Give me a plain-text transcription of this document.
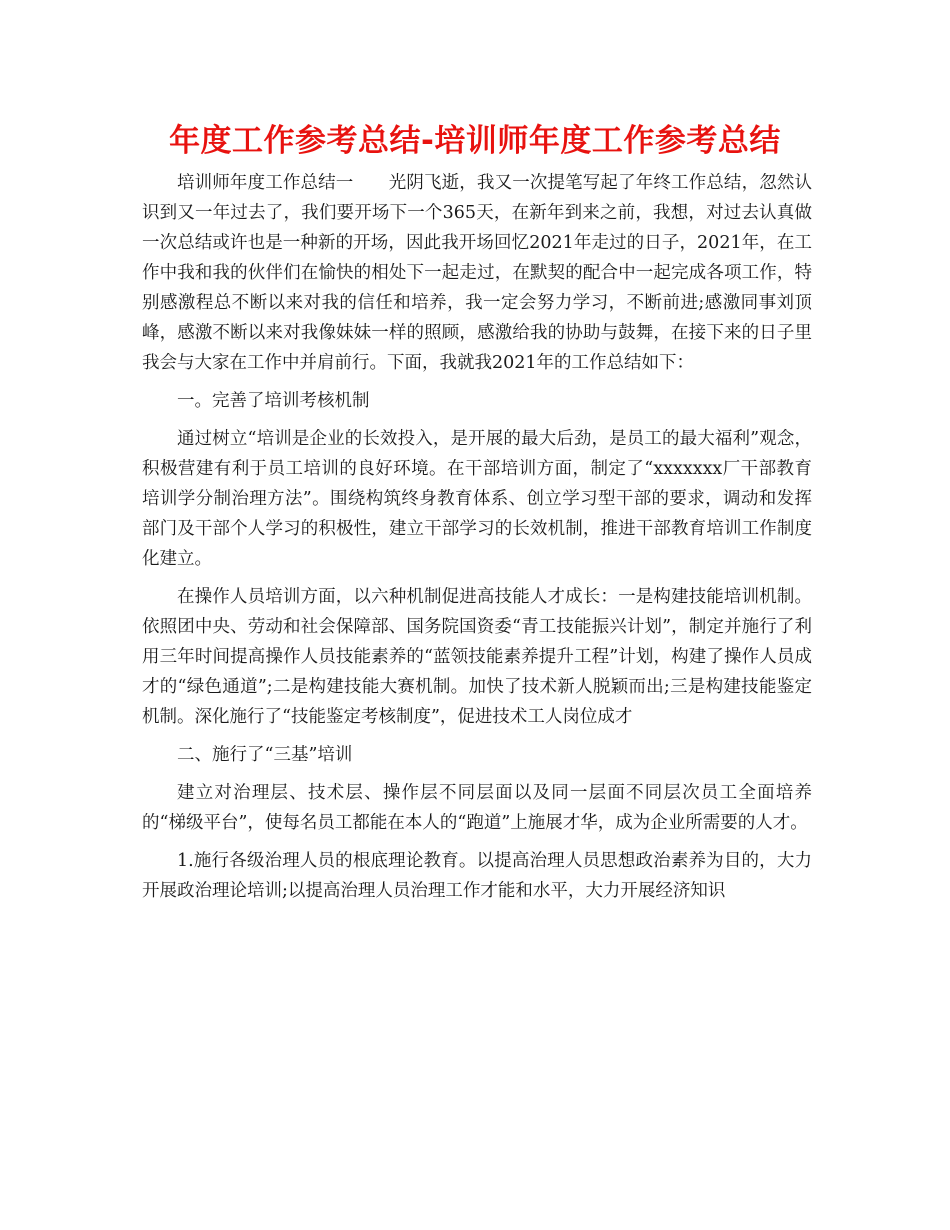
年度工作参考总结-培训师年度工作参考总结

培训师年度工作总结一　　光阴飞逝，我又一次提笔写起了年终工作总结，忽然认识到又一年过去了，我们要开场下一个365天，在新年到来之前，我想，对过去认真做一次总结或许也是一种新的开场，因此我开场回忆2021年走过的日子，2021年，在工作中我和我的伙伴们在愉快的相处下一起走过，在默契的配合中一起完成各项工作，特别感激程总不断以来对我的信任和培养，我一定会努力学习，不断前进;感激同事刘顶峰，感激不断以来对我像妹妹一样的照顾，感激给我的协助与鼓舞，在接下来的日子里我会与大家在工作中并肩前行。下面，我就我2021年的工作总结如下：

一。完善了培训考核机制

通过树立“培训是企业的长效投入，是开展的最大后劲，是员工的最大福利”观念，积极营建有利于员工培训的良好环境。在干部培训方面，制定了“xxxxxxx厂干部教育培训学分制治理方法”。围绕构筑终身教育体系、创立学习型干部的要求，调动和发挥部门及干部个人学习的积极性，建立干部学习的长效机制，推进干部教育培训工作制度化建立。

在操作人员培训方面，以六种机制促进高技能人才成长：一是构建技能培训机制。依照团中央、劳动和社会保障部、国务院国资委“青工技能振兴计划”，制定并施行了利用三年时间提高操作人员技能素养的“蓝领技能素养提升工程”计划，构建了操作人员成才的“绿色通道”;二是构建技能大赛机制。加快了技术新人脱颖而出;三是构建技能鉴定机制。深化施行了“技能鉴定考核制度”，促进技术工人岗位成才

二、施行了“三基”培训

建立对治理层、技术层、操作层不同层面以及同一层面不同层次员工全面培养的“梯级平台”，使每名员工都能在本人的“跑道”上施展才华，成为企业所需要的人才。

1.施行各级治理人员的根底理论教育。以提高治理人员思想政治素养为目的，大力开展政治理论培训;以提高治理人员治理工作才能和水平，大力开展经济知识
